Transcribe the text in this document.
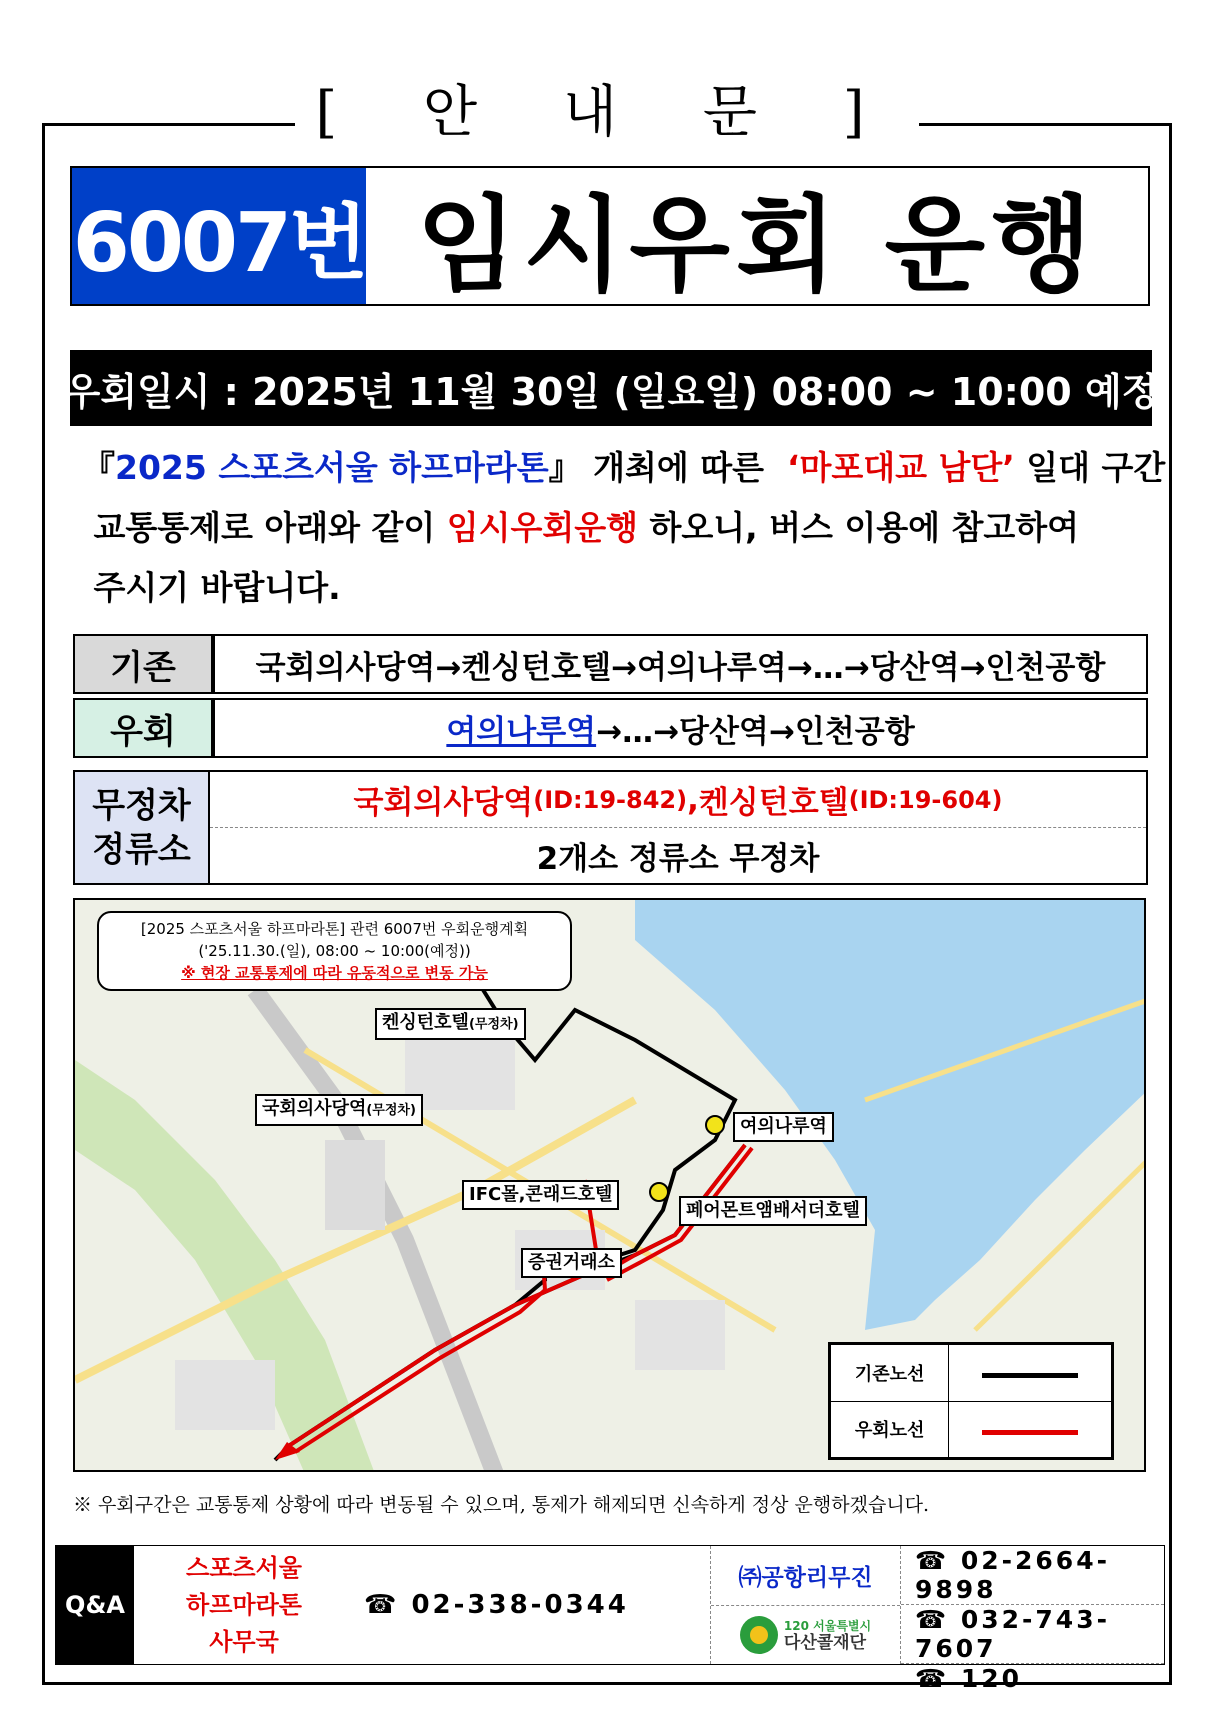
[ 안 내 문 ]
6007번 임시우회 운행
우회일시 : 2025년 11월 30일 (일요일) 08:00 ~ 10:00 예정

『2025 스포츠서울 하프마라톤』 개최에 따른  ‘마포대교 남단’ 일대 구간

교통통제로 아래와 같이 임시우회운행 하오니, 버스 이용에 참고하여

주시기 바랍니다.

기존	국회의사당역→켄싱턴호텔→여의나루역→…→당산역→인천공항
우회	여의나루역→…→당산역→인천공항
무정차 정류소
국회의사당역 (ID:19-842) , 켄싱턴호텔 (ID:19-604)
2개소 정류소 무정차
[2025 스포츠서울 하프마라톤] 관련 6007번 우회운행계획
('25.11.30.(일), 08:00 ~ 10:00(예정))
※ 현장 교통통제에 따라 유동적으로 변동 가능
켄싱턴호텔(무정차)
국회의사당역(무정차)
여의나루역
IFC몰,콘래드호텔
페어몬트앰배서더호텔
증권거래소
기존노선	
우회노선	
※ 우회구간은 교통통제 상황에 따라 변동될 수 있으며, 통제가 해제되면 신속하게 정상 운행하겠습니다.
Q&A
스포츠서울
하프마라톤
사무국
☎ 02-338-0344
㈜공항리무진
120 서울특별시
다산콜재단
☎ 02-2664-9898
☎ 032-743-7607
☎ 120
